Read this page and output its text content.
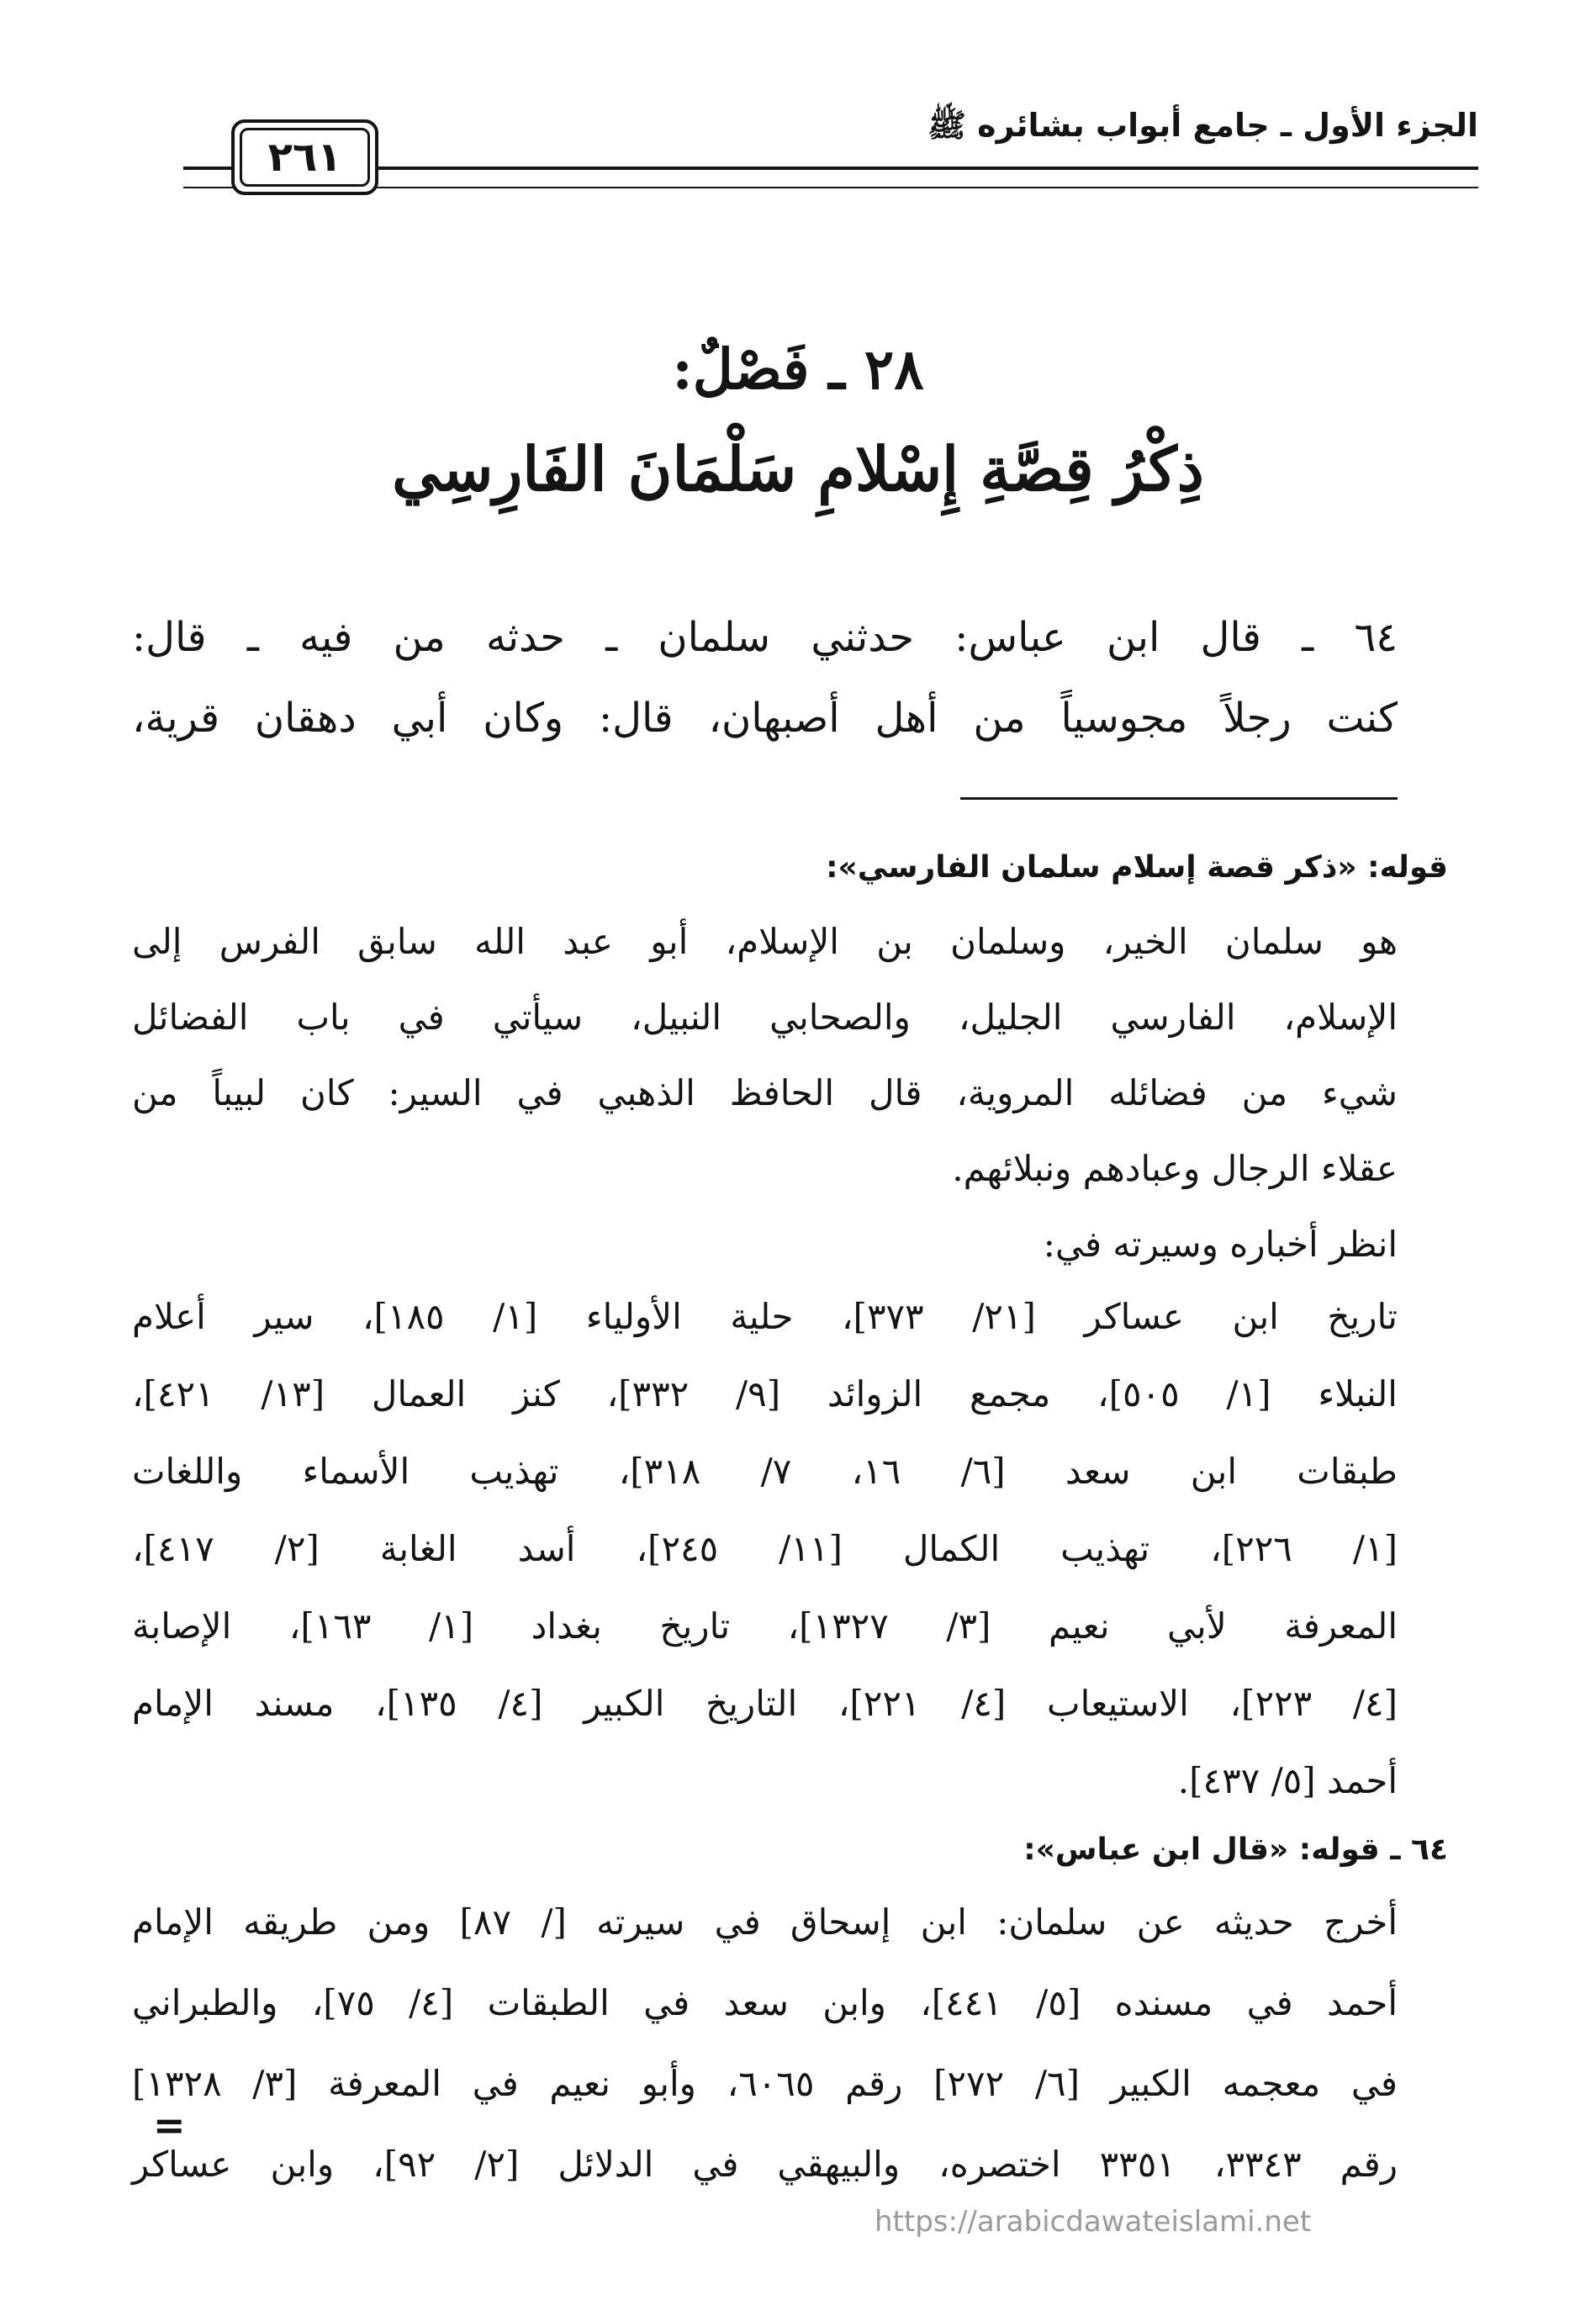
الجزء الأول ـ جامع أبواب بشائره ﷺ
٢٦١
٢٨ ـ فَصْلٌ:
ذِكْرُ قِصَّةِ إِسْلامِ سَلْمَانَ الفَارِسِي
٦٤ ـ قال ابن عباس: حدثني سلمان ـ حدثه من فيه ـ قال:
كنت رجلاً مجوسياً من أهل أصبهان، قال: وكان أبي دهقان قرية،
قوله: «ذكر قصة إسلام سلمان الفارسي»:
هو سلمان الخير، وسلمان بن الإسلام، أبو عبد الله سابق الفرس إلى
الإسلام، الفارسي الجليل، والصحابي النبيل، سيأتي في باب الفضائل
شيء من فضائله المروية، قال الحافظ الذهبي في السير: كان لبيباً من
عقلاء الرجال وعبادهم ونبلائهم.
انظر أخباره وسيرته في:
تاريخ ابن عساكر [٢١/ ٣٧٣]، حلية الأولياء [١/ ١٨٥]، سير أعلام
النبلاء [١/ ٥٠٥]، مجمع الزوائد [٩/ ٣٣٢]، كنز العمال [١٣/ ٤٢١]،
طبقات ابن سعد [٦/ ١٦، ٧/ ٣١٨]، تهذيب الأسماء واللغات
[١/ ٢٢٦]، تهذيب الكمال [١١/ ٢٤٥]، أسد الغابة [٢/ ٤١٧]،
المعرفة لأبي نعيم [٣/ ١٣٢٧]، تاريخ بغداد [١/ ١٦٣]، الإصابة
[٤/ ٢٢٣]، الاستيعاب [٤/ ٢٢١]، التاريخ الكبير [٤/ ١٣٥]، مسند الإمام
أحمد [٥/ ٤٣٧].
٦٤ ـ قوله: «قال ابن عباس»:
أخرج حديثه عن سلمان: ابن إسحاق في سيرته [/ ٨٧] ومن طريقه الإمام
أحمد في مسنده [٥/ ٤٤١]، وابن سعد في الطبقات [٤/ ٧٥]، والطبراني
في معجمه الكبير [٦/ ٢٧٢] رقم ٦٠٦٥، وأبو نعيم في المعرفة [٣/ ١٣٢٨]
رقم ٣٣٤٣، ٣٣٥١ اختصره، والبيهقي في الدلائل [٢/ ٩٢]، وابن عساكر
=
https://arabicdawateislami.net
